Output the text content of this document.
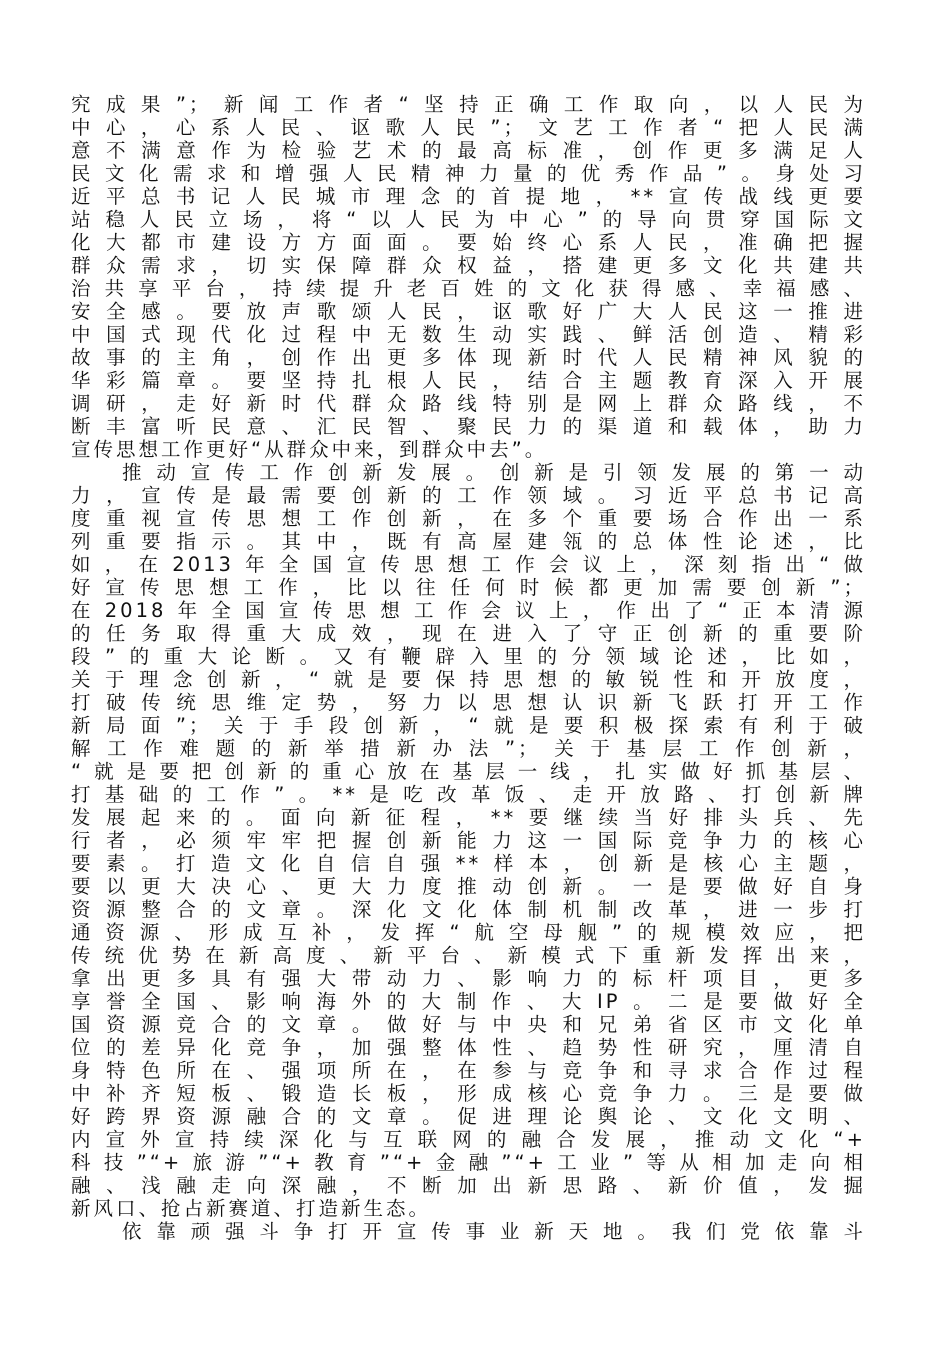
究成果”；新闻工作者“坚持正确工作取向，以人民为
中心，心系人民、讴歌人民”；文艺工作者“把人民满
意不满意作为检验艺术的最高标准，创作更多满足人
民文化需求和增强人民精神力量的优秀作品”。身处习
近平总书记人民城市理念的首提地，**宣传战线更要
站稳人民立场，将“以人民为中心”的导向贯穿国际文
化大都市建设方方面面。要始终心系人民，准确把握
群众需求，切实保障群众权益，搭建更多文化共建共
治共享平台，持续提升老百姓的文化获得感、幸福感、
安全感。要放声歌颂人民，讴歌好广大人民这一推进
中国式现代化过程中无数生动实践、鲜活创造、精彩
故事的主角，创作出更多体现新时代人民精神风貌的
华彩篇章。要坚持扎根人民，结合主题教育深入开展
调研，走好新时代群众路线特别是网上群众路线，不
断丰富听民意、汇民智、聚民力的渠道和载体，助力
宣传思想工作更好“从群众中来，到群众中去”。
推动宣传工作创新发展。创新是引领发展的第一动
力，宣传是最需要创新的工作领域。习近平总书记高
度重视宣传思想工作创新，在多个重要场合作出一系
列重要指示。其中，既有高屋建瓴的总体性论述，比
如，在2013年全国宣传思想工作会议上，深刻指出“做
好宣传思想工作，比以往任何时候都更加需要创新”；
在2018年全国宣传思想工作会议上，作出了“正本清源
的任务取得重大成效，现在进入了守正创新的重要阶
段”的重大论断。又有鞭辟入里的分领域论述，比如，
关于理念创新，“就是要保持思想的敏锐性和开放度，
打破传统思维定势，努力以思想认识新飞跃打开工作
新局面”；关于手段创新，“就是要积极探索有利于破
解工作难题的新举措新办法”；关于基层工作创新，
“就是要把创新的重心放在基层一线，扎实做好抓基层、
打基础的工作”。**是吃改革饭、走开放路、打创新牌
发展起来的。面向新征程，**要继续当好排头兵、先
行者，必须牢牢把握创新能力这一国际竞争力的核心
要素。打造文化自信自强**样本，创新是核心主题，
要以更大决心、更大力度推动创新。一是要做好自身
资源整合的文章。深化文化体制机制改革，进一步打
通资源、形成互补，发挥“航空母舰”的规模效应，把
传统优势在新高度、新平台、新模式下重新发挥出来，
拿出更多具有强大带动力、影响力的标杆项目，更多
享誉全国、影响海外的大制作、大IP。二是要做好全
国资源竞合的文章。做好与中央和兄弟省区市文化单
位的差异化竞争，加强整体性、趋势性研究，厘清自
身特色所在、强项所在，在参与竞争和寻求合作过程
中补齐短板、锻造长板，形成核心竞争力。三是要做
好跨界资源融合的文章。促进理论舆论、文化文明、
内宣外宣持续深化与互联网的融合发展，推动文化“+
科技”“+旅游”“+教育”“+金融”“+工业”等从相加走向相
融、浅融走向深融，不断加出新思路、新价值，发掘
新风口、抢占新赛道、打造新生态。
依靠顽强斗争打开宣传事业新天地。我们党依靠斗
